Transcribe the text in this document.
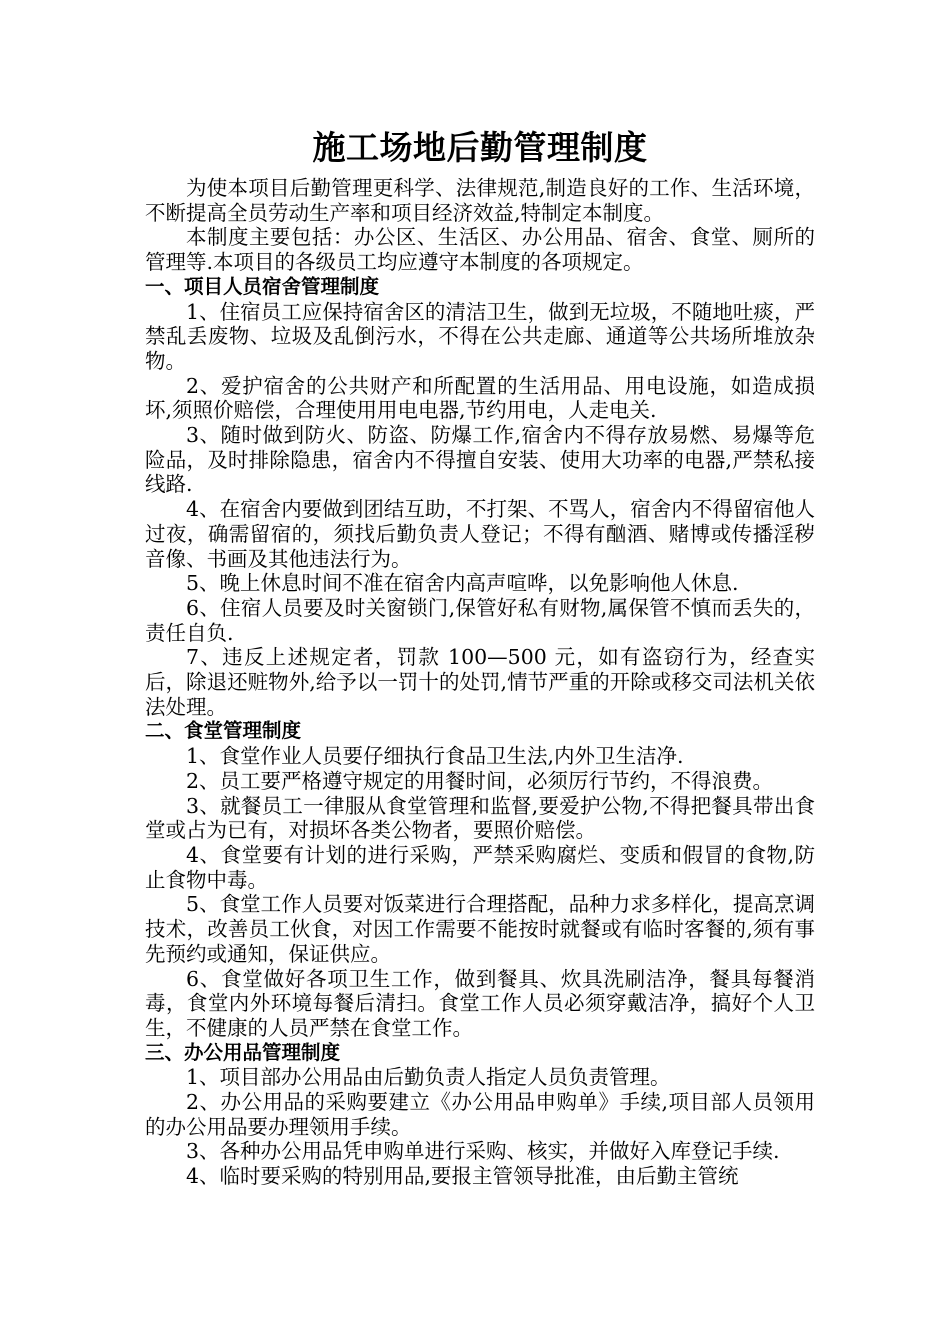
施工场地后勤管理制度

为使本项目后勤管理更科学、法律规范,制造良好的工作、生活环境，不断提高全员劳动生产率和项目经济效益,特制定本制度。

本制度主要包括：办公区、生活区、办公用品、宿舍、食堂、厕所的管理等.本项目的各级员工均应遵守本制度的各项规定。

一、项目人员宿舍管理制度

1、住宿员工应保持宿舍区的清洁卫生，做到无垃圾，不随地吐痰，严禁乱丢废物、垃圾及乱倒污水，不得在公共走廊、通道等公共场所堆放杂物。

2、爱护宿舍的公共财产和所配置的生活用品、用电设施，如造成损坏,须照价赔偿，合理使用用电电器,节约用电，人走电关.

3、随时做到防火、防盗、防爆工作,宿舍内不得存放易燃、易爆等危险品，及时排除隐患，宿舍内不得擅自安装、使用大功率的电器,严禁私接线路.

4、在宿舍内要做到团结互助，不打架、不骂人，宿舍内不得留宿他人过夜，确需留宿的，须找后勤负责人登记；不得有酗酒、赌博或传播淫秽音像、书画及其他违法行为。

5、晚上休息时间不准在宿舍内高声喧哗，以免影响他人休息.

6、住宿人员要及时关窗锁门,保管好私有财物,属保管不慎而丢失的，责任自负.

7、违反上述规定者，罚款 100—500 元，如有盗窃行为，经查实后，除退还赃物外,给予以一罚十的处罚,情节严重的开除或移交司法机关依法处理。

二、食堂管理制度

1、食堂作业人员要仔细执行食品卫生法,内外卫生洁净.

2、员工要严格遵守规定的用餐时间，必须厉行节约，不得浪费。

3、就餐员工一律服从食堂管理和监督,要爱护公物,不得把餐具带出食堂或占为已有，对损坏各类公物者，要照价赔偿。

4、食堂要有计划的进行采购，严禁采购腐烂、变质和假冒的食物,防止食物中毒。

5、食堂工作人员要对饭菜进行合理搭配，品种力求多样化，提高烹调技术，改善员工伙食，对因工作需要不能按时就餐或有临时客餐的,须有事先预约或通知，保证供应。

6、食堂做好各项卫生工作，做到餐具、炊具洗刷洁净，餐具每餐消毒，食堂内外环境每餐后清扫。食堂工作人员必须穿戴洁净，搞好个人卫生，不健康的人员严禁在食堂工作。

三、办公用品管理制度

1、项目部办公用品由后勤负责人指定人员负责管理。

2、办公用品的采购要建立《办公用品申购单》手续,项目部人员领用的办公用品要办理领用手续。

3、各种办公用品凭申购单进行采购、核实，并做好入库登记手续.

4、临时要采购的特别用品,要报主管领导批准，由后勤主管统
